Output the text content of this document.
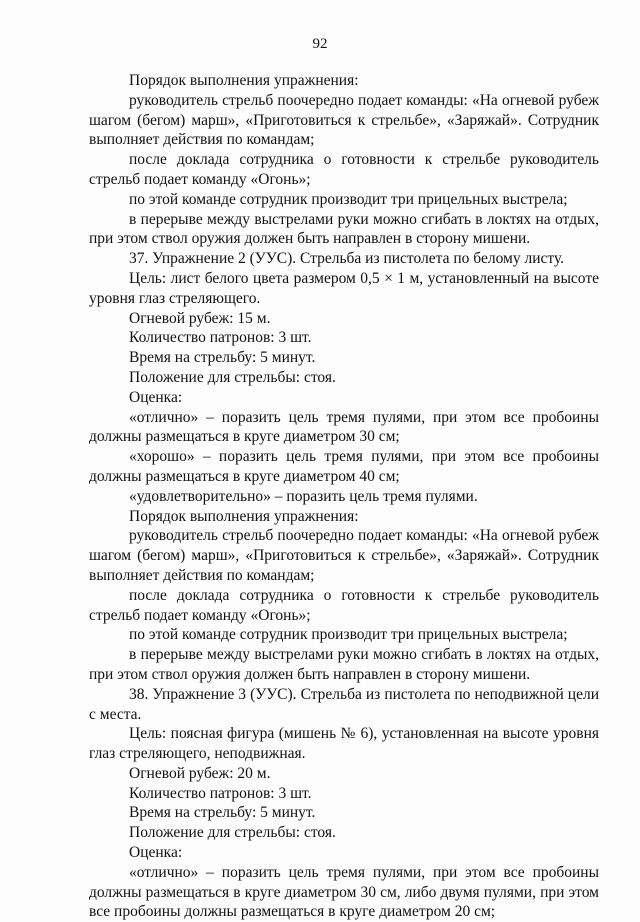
92

Порядок выполнения упражнения:

руководитель стрельб поочередно подает команды: «На огневой рубеж шагом (бегом) марш», «Приготовиться к стрельбе», «Заряжай». Сотрудник выполняет действия по командам;

после доклада сотрудника о готовности к стрельбе руководитель стрельб подает команду «Огонь»;

по этой команде сотрудник производит три прицельных выстрела;

в перерыве между выстрелами руки можно сгибать в локтях на отдых, при этом ствол оружия должен быть направлен в сторону мишени.

37. Упражнение 2 (УУС). Стрельба из пистолета по белому листу.

Цель: лист белого цвета размером 0,5 × 1 м, установленный на высоте уровня глаз стреляющего.

Огневой рубеж: 15 м.

Количество патронов: 3 шт.

Время на стрельбу: 5 минут.

Положение для стрельбы: стоя.

Оценка:

«отлично» – поразить цель тремя пулями, при этом все пробоины должны размещаться в круге диаметром 30 см;

«хорошо» – поразить цель тремя пулями, при этом все пробоины должны размещаться в круге диаметром 40 см;

«удовлетворительно» – поразить цель тремя пулями.

Порядок выполнения упражнения:

руководитель стрельб поочередно подает команды: «На огневой рубеж шагом (бегом) марш», «Приготовиться к стрельбе», «Заряжай». Сотрудник выполняет действия по командам;

после доклада сотрудника о готовности к стрельбе руководитель стрельб подает команду «Огонь»;

по этой команде сотрудник производит три прицельных выстрела;

в перерыве между выстрелами руки можно сгибать в локтях на отдых, при этом ствол оружия должен быть направлен в сторону мишени.

38. Упражнение 3 (УУС). Стрельба из пистолета по неподвижной цели с места.

Цель: поясная фигура (мишень № 6), установленная на высоте уровня глаз стреляющего, неподвижная.

Огневой рубеж: 20 м.

Количество патронов: 3 шт.

Время на стрельбу: 5 минут.

Положение для стрельбы: стоя.

Оценка:

«отлично» – поразить цель тремя пулями, при этом все пробоины должны размещаться в круге диаметром 30 см, либо двумя пулями, при этом все пробоины должны размещаться в круге диаметром 20 см;
